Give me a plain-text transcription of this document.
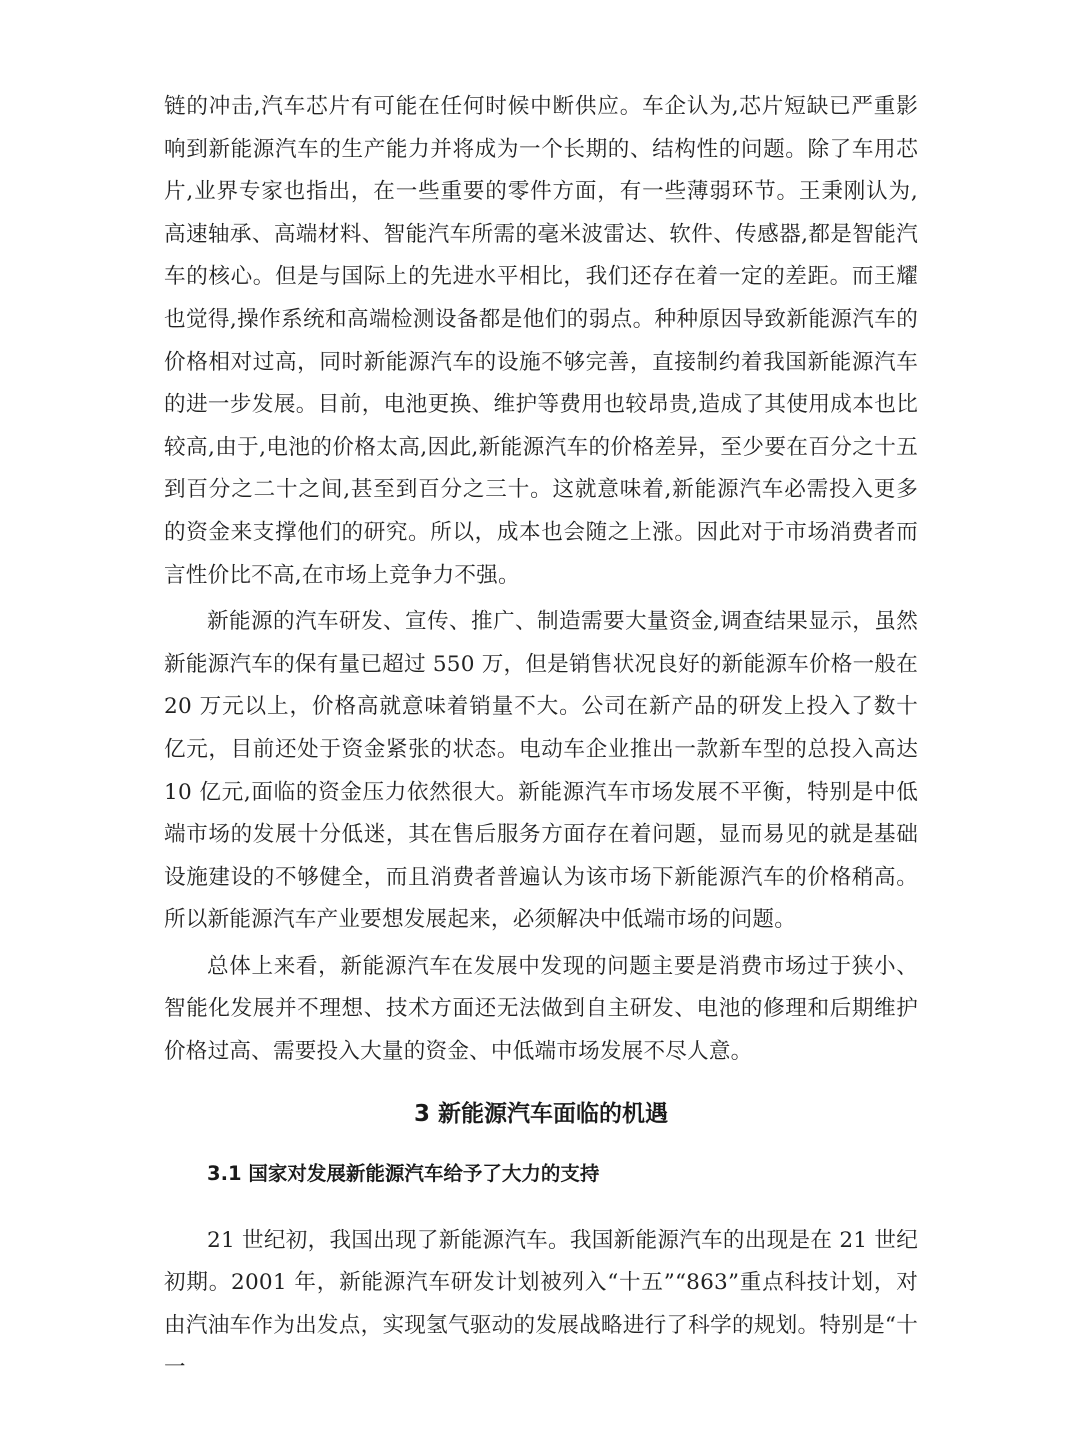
链的冲击,汽车芯片有可能在任何时候中断供应。车企认为,芯片短缺已严重影响到新能源汽车的生产能力并将成为一个长期的、结构性的问题。除了车用芯片,业界专家也指出，在一些重要的零件方面，有一些薄弱环节。王秉刚认为,高速轴承、高端材料、智能汽车所需的毫米波雷达、软件、传感器,都是智能汽车的核心。但是与国际上的先进水平相比，我们还存在着一定的差距。而王耀也觉得,操作系统和高端检测设备都是他们的弱点。种种原因导致新能源汽车的价格相对过高，同时新能源汽车的设施不够完善，直接制约着我国新能源汽车的进一步发展。目前，电池更换、维护等费用也较昂贵,造成了其使用成本也比较高,由于,电池的价格太高,因此,新能源汽车的价格差异，至少要在百分之十五到百分之二十之间,甚至到百分之三十。这就意味着,新能源汽车必需投入更多的资金来支撑他们的研究。所以，成本也会随之上涨。因此对于市场消费者而言性价比不高,在市场上竞争力不强。

新能源的汽车研发、宣传、推广、制造需要大量资金,调查结果显示，虽然新能源汽车的保有量已超过 550 万，但是销售状况良好的新能源车价格一般在 20 万元以上，价格高就意味着销量不大。公司在新产品的研发上投入了数十亿元，目前还处于资金紧张的状态。电动车企业推出一款新车型的总投入高达 10 亿元,面临的资金压力依然很大。新能源汽车市场发展不平衡，特别是中低端市场的发展十分低迷，其在售后服务方面存在着问题，显而易见的就是基础设施建设的不够健全，而且消费者普遍认为该市场下新能源汽车的价格稍高。所以新能源汽车产业要想发展起来，必须解决中低端市场的问题。

总体上来看，新能源汽车在发展中发现的问题主要是消费市场过于狭小、智能化发展并不理想、技术方面还无法做到自主研发、电池的修理和后期维护价格过高、需要投入大量的资金、中低端市场发展不尽人意。

3 新能源汽车面临的机遇
3.1 国家对发展新能源汽车给予了大力的支持

21 世纪初，我国出现了新能源汽车。我国新能源汽车的出现是在 21 世纪初期。2001 年，新能源汽车研发计划被列入“十五”“863”重点科技计划，对由汽油车作为出发点，实现氢气驱动的发展战略进行了科学的规划。特别是“十一
